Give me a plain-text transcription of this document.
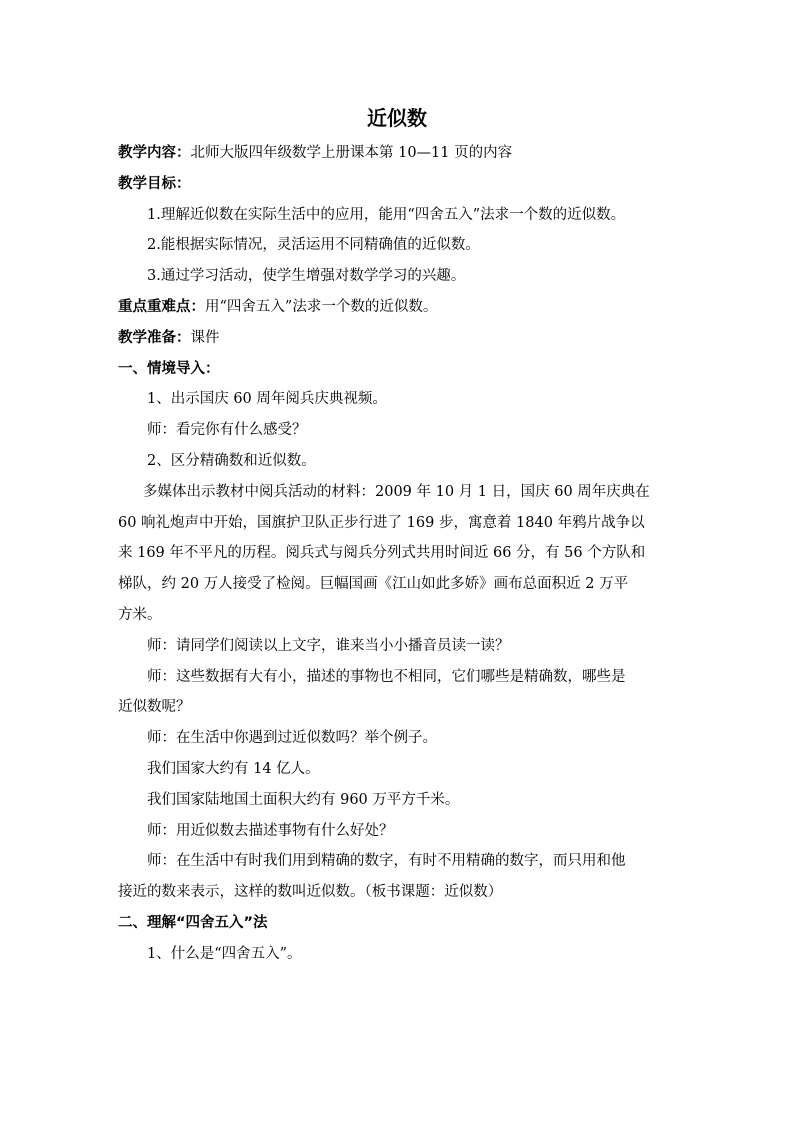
近似数
教学内容：北师大版四年级数学上册课本第 10—11 页的内容
教学目标：
1.理解近似数在实际生活中的应用，能用“四舍五入”法求一个数的近似数。
2.能根据实际情况，灵活运用不同精确值的近似数。
3.通过学习活动，使学生增强对数学学习的兴趣。
重点重难点：用“四舍五入”法求一个数的近似数。
教学准备：课件
一、情境导入：
1、出示国庆 60 周年阅兵庆典视频。
师：看完你有什么感受？
2、区分精确数和近似数。
多媒体出示教材中阅兵活动的材料：2009 年 10 月 1 日，国庆 60 周年庆典在
60 响礼炮声中开始，国旗护卫队正步行进了 169 步，寓意着 1840 年鸦片战争以
来 169 年不平凡的历程。阅兵式与阅兵分列式共用时间近 66 分，有 56 个方队和
梯队，约 20 万人接受了检阅。巨幅国画《江山如此多娇》画布总面积近 2 万平
方米。
师：请同学们阅读以上文字，谁来当小小播音员读一读？
师：这些数据有大有小，描述的事物也不相同，它们哪些是精确数，哪些是
近似数呢？
师：在生活中你遇到过近似数吗？举个例子。
我们国家大约有 14 亿人。
我们国家陆地国土面积大约有 960 万平方千米。
师：用近似数去描述事物有什么好处？
师：在生活中有时我们用到精确的数字，有时不用精确的数字，而只用和他
接近的数来表示，这样的数叫近似数。（板书课题：近似数）
二、理解“四舍五入”法
1、什么是“四舍五入”。
